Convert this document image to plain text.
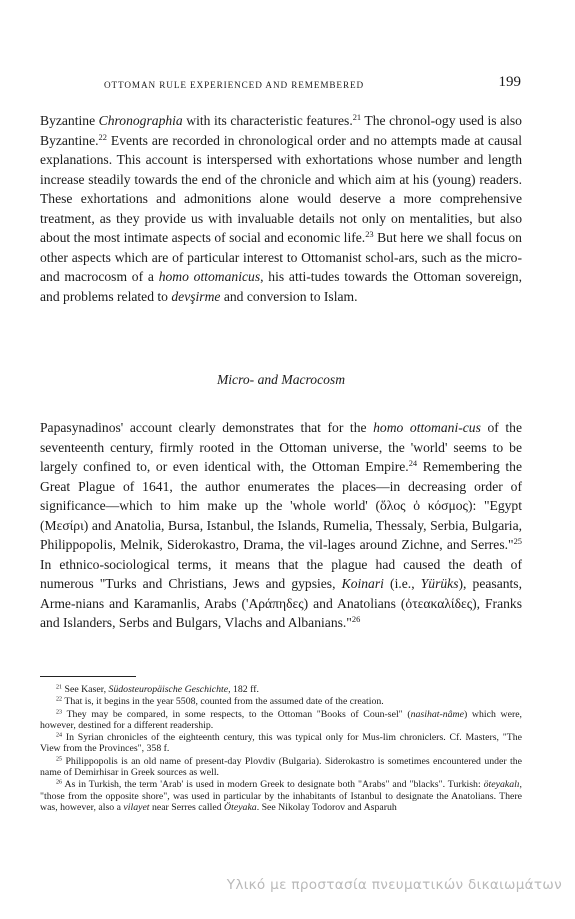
OTTOMAN RULE EXPERIENCED AND REMEMBERED	199
Byzantine Chronographia with its characteristic features.$^{21}$ The chronol-ogy used is also Byzantine.$^{22}$ Events are recorded in chronological order and no attempts made at causal explanations. This account is interspersed with exhortations whose number and length increase steadily towards the end of the chronicle and which aim at his (young) readers. These exhortations and admonitions alone would deserve a more comprehensive treatment, as they provide us with invaluable details not only on mentalities, but also about the most intimate aspects of social and economic life.$^{23}$ But here we shall focus on other aspects which are of particular interest to Ottomanist schol-ars, such as the micro- and macrocosm of a homo ottomanicus, his atti-tudes towards the Ottoman sovereign, and problems related to devşirme and conversion to Islam.
Micro- and Macrocosm
Papasynadinos' account clearly demonstrates that for the homo ottomani-cus of the seventeenth century, firmly rooted in the Ottoman universe, the 'world' seems to be largely confined to, or even identical with, the Ottoman Empire.$^{24}$ Remembering the Great Plague of 1641, the author enumerates the places—in decreasing order of significance—which to him make up the 'whole world' (ὅλος ὁ κόσμος): "Egypt (Μεσίρι) and Anatolia, Bursa, Istanbul, the Islands, Rumelia, Thessaly, Serbia, Bulgaria, Philippopolis, Melnik, Siderokastro, Drama, the vil-lages around Zichne, and Serres."$^{25}$ In ethnico-sociological terms, it means that the plague had caused the death of numerous "Turks and Christians, Jews and gypsies, Koinari (i.e., Yürüks), peasants, Arme-nians and Karamanlis, Arabs ('Αράπηδες) and Anatolians (ὀτεακαλίδες), Franks and Islanders, Serbs and Bulgars, Vlachs and Albanians."$^{26}$

$^{21}$ See Kaser, Südosteuropäische Geschichte, 182 ff.

$^{22}$ That is, it begins in the year 5508, counted from the assumed date of the creation.

$^{23}$ They may be compared, in some respects, to the Ottoman "Books of Coun-sel" (nasihat-nâme) which were, however, destined for a different readership.

$^{24}$ In Syrian chronicles of the eighteenth century, this was typical only for Mus-lim chroniclers. Cf. Masters, "The View from the Provinces", 358 f.

$^{25}$ Philippopolis is an old name of present-day Plovdiv (Bulgaria). Siderokastro is sometimes encountered under the name of Demirhisar in Greek sources as well.

$^{26}$ As in Turkish, the term 'Arab' is used in modern Greek to designate both "Arabs" and "blacks". Turkish: öteyakalı, "those from the opposite shore", was used in particular by the inhabitants of Istanbul to designate the Anatolians. There was, however, also a vilayet near Serres called Öteyaka. See Nikolay Todorov and Asparuh

Υλικό με προστασία πνευματικών δικαιωμάτων
